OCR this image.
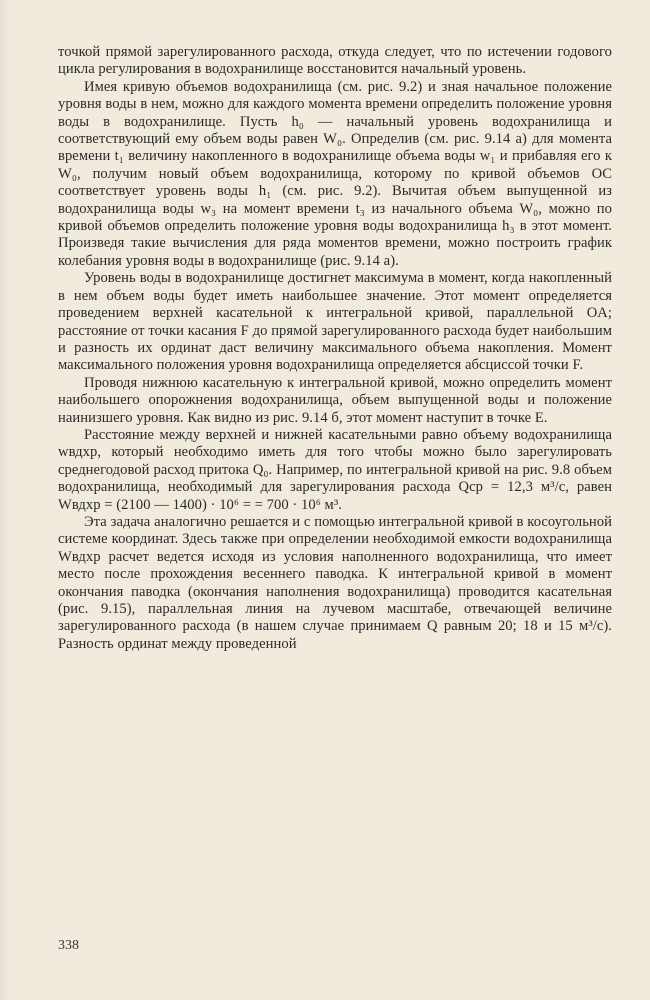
точкой прямой зарегулированного расхода, откуда следует, что по истечении годового цикла регулирования в водохранилище восстановится начальный уровень.

Имея кривую объемов водохранилища (см. рис. 9.2) и зная начальное положение уровня воды в нем, можно для каждого момента времени определить положение уровня воды в водохранилище. Пусть h₀ — начальный уровень водохранилища и соответствующий ему объем воды равен W₀. Определив (см. рис. 9.14 а) для момента времени t₁ величину накопленного в водохранилище объема воды w₁ и прибавляя его к W₀, получим новый объем водохранилища, которому по кривой объемов OC соответствует уровень воды h₁ (см. рис. 9.2). Вычитая объем выпущенной из водохранилища воды w₃ на момент времени t₃ из начального объема W₀, можно по кривой объемов определить положение уровня воды водохранилища h₃ в этот момент. Произведя такие вычисления для ряда моментов времени, можно построить график колебания уровня воды в водохранилище (рис. 9.14 а).

Уровень воды в водохранилище достигнет максимума в момент, когда накопленный в нем объем воды будет иметь наибольшее значение. Этот момент определяется проведением верхней касательной к интегральной кривой, параллельной OA; расстояние от точки касания F до прямой зарегулированного расхода будет наибольшим и разность их ординат даст величину максимального объема накопления. Момент максимального положения уровня водохранилища определяется абсциссой точки F.

Проводя нижнюю касательную к интегральной кривой, можно определить момент наибольшего опорожнения водохранилища, объем выпущенной воды и положение наинизшего уровня. Как видно из рис. 9.14 б, этот момент наступит в точке E.

Расстояние между верхней и нижней касательными равно объему водохранилища wвдхр, который необходимо иметь для того чтобы можно было зарегулировать среднегодовой расход притока Q₀. Например, по интегральной кривой на рис. 9.8 объем водохранилища, необходимый для зарегулирования расхода Qср = 12,3 м³/с, равен Wвдхр = (2100 — 1400) · 10⁶ = = 700 · 10⁶ м³.

Эта задача аналогично решается и с помощью интегральной кривой в косоугольной системе координат. Здесь также при определении необходимой емкости водохранилища Wвдхр расчет ведется исходя из условия наполненного водохранилища, что имеет место после прохождения весеннего паводка. К интегральной кривой в момент окончания паводка (окончания наполнения водохранилища) проводится касательная (рис. 9.15), параллельная линия на лучевом масштабе, отвечающей величине зарегулированного расхода (в нашем случае принимаем Q равным 20; 18 и 15 м³/с). Разность ординат между проведенной

338
